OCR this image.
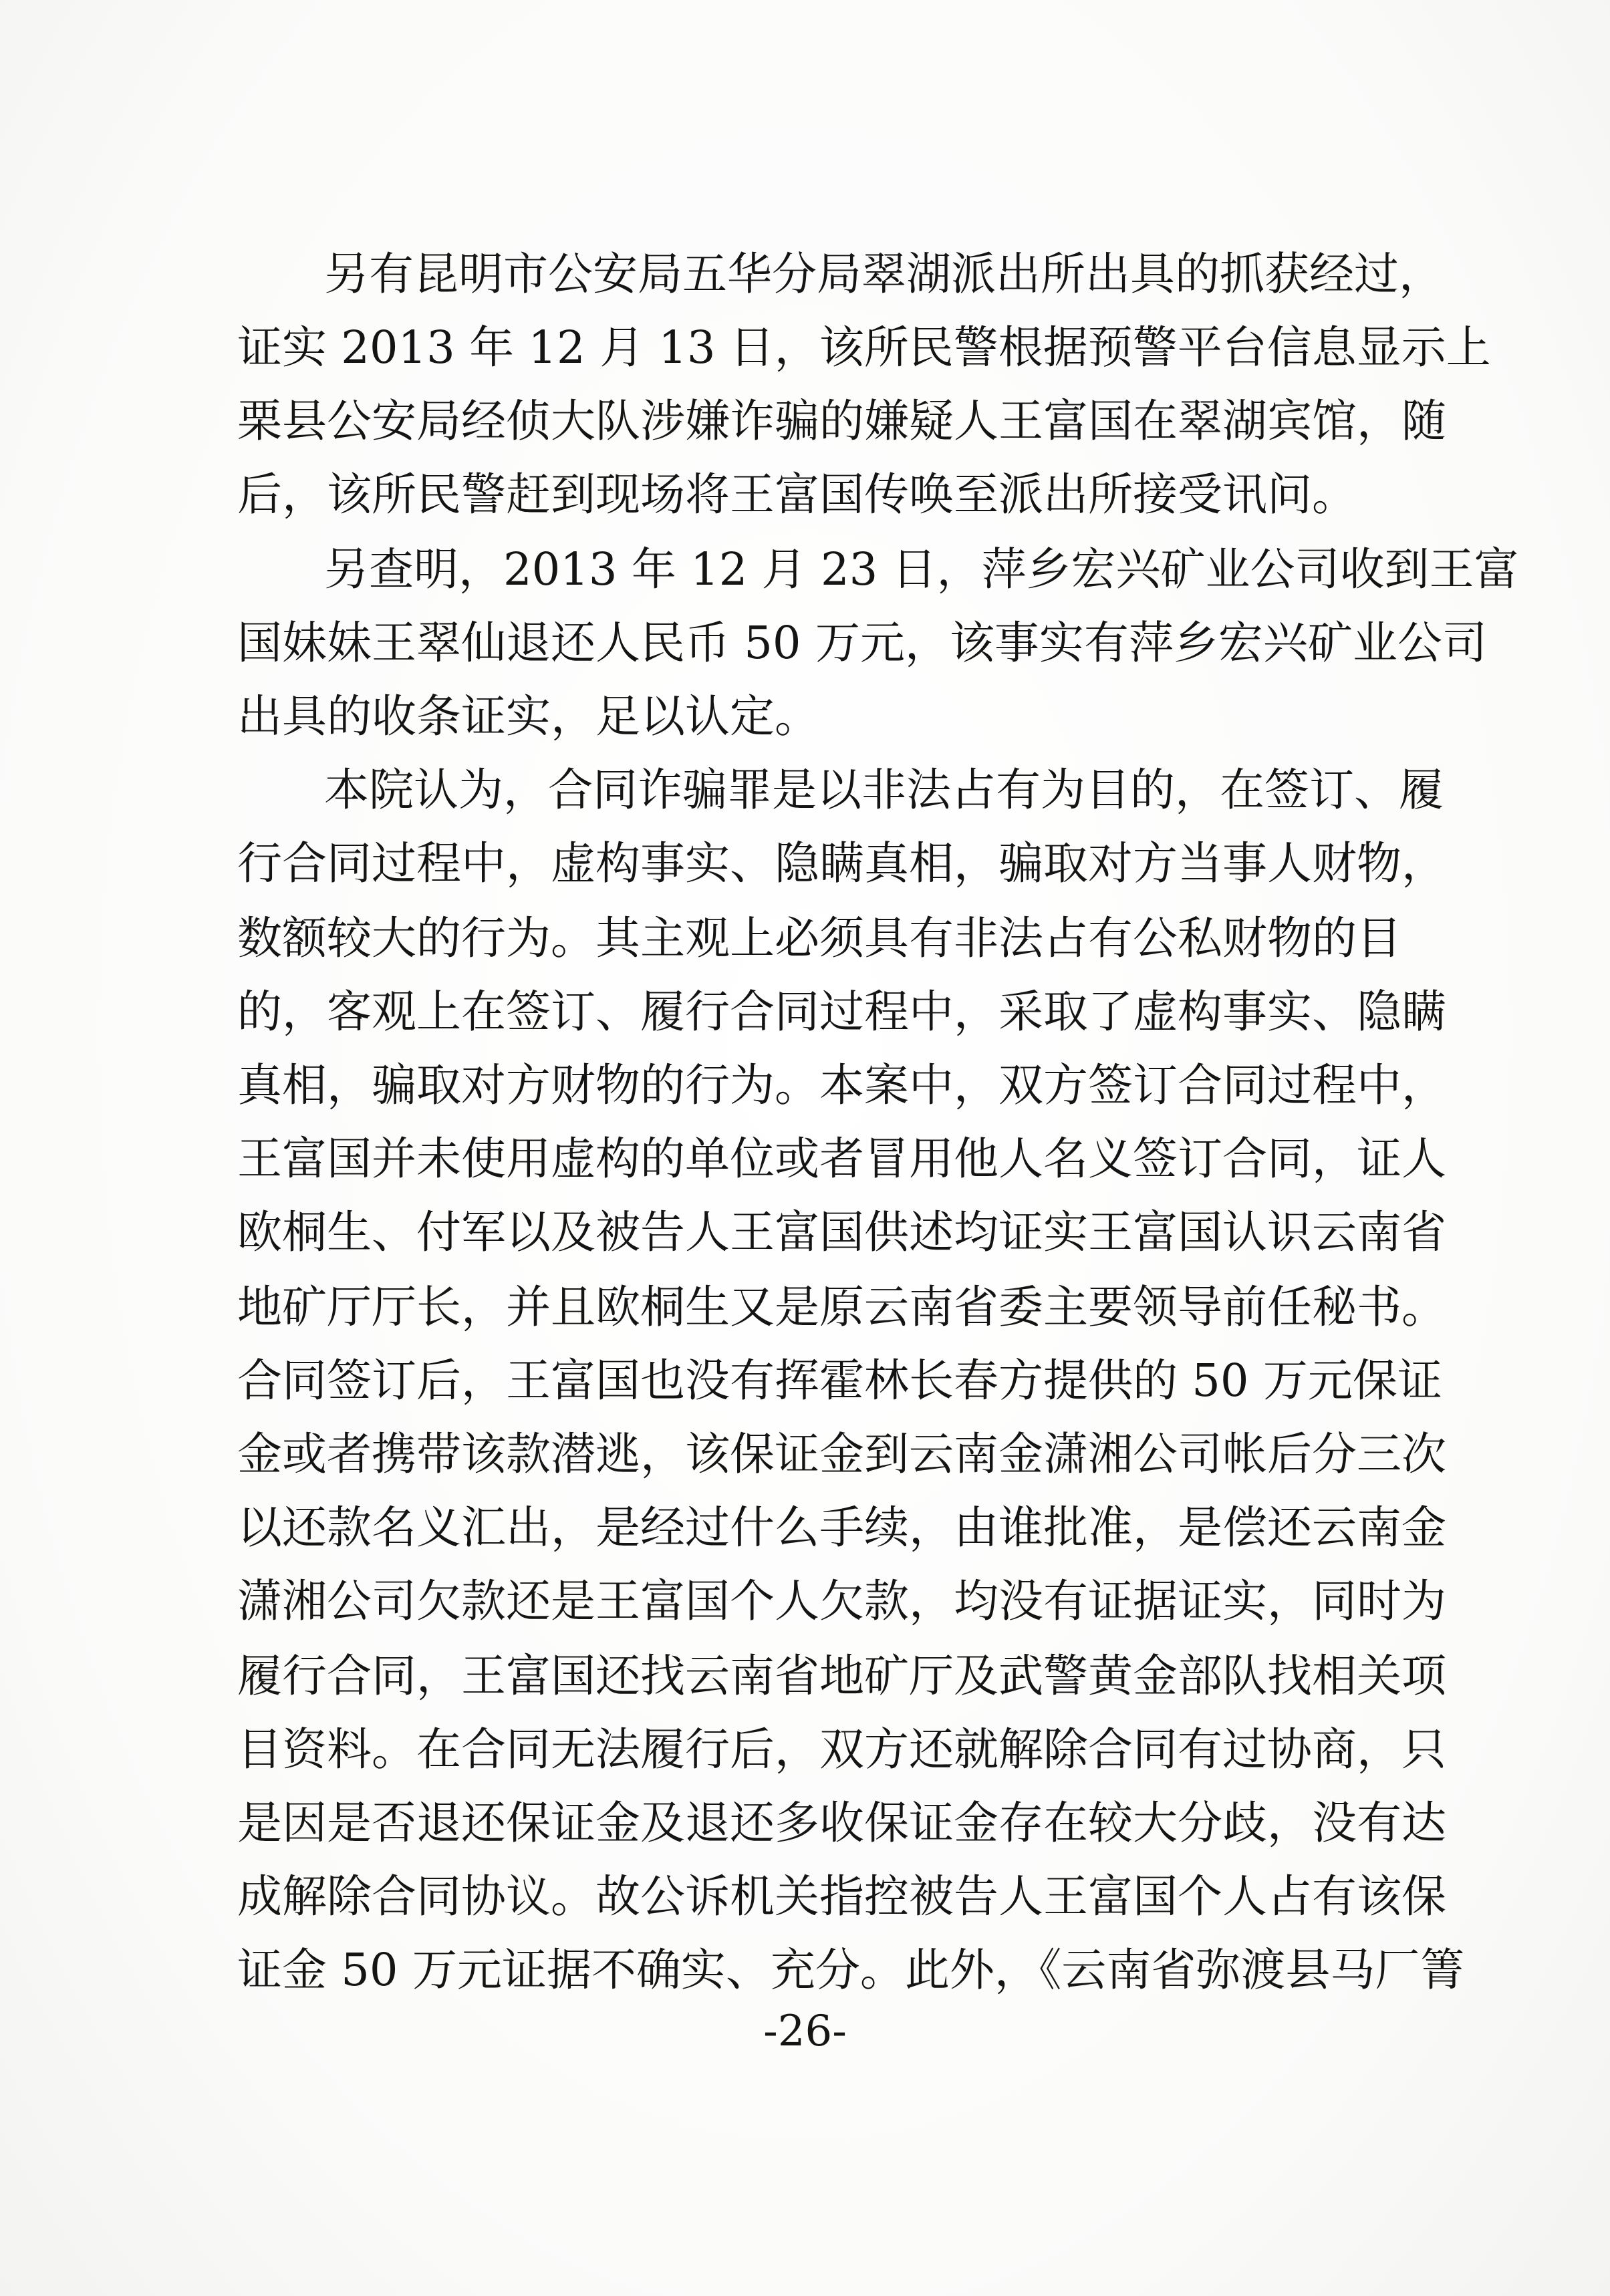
另有昆明市公安局五华分局翠湖派出所出具的抓获经过，
证实 2013 年 12 月 13 日，该所民警根据预警平台信息显示上
栗县公安局经侦大队涉嫌诈骗的嫌疑人王富国在翠湖宾馆，随
后，该所民警赶到现场将王富国传唤至派出所接受讯问。
另查明，2013 年 12 月 23 日，萍乡宏兴矿业公司收到王富
国妹妹王翠仙退还人民币 50 万元，该事实有萍乡宏兴矿业公司
出具的收条证实，足以认定。
本院认为，合同诈骗罪是以非法占有为目的，在签订、履
行合同过程中，虚构事实、隐瞒真相，骗取对方当事人财物，
数额较大的行为。其主观上必须具有非法占有公私财物的目
的，客观上在签订、履行合同过程中，采取了虚构事实、隐瞒
真相，骗取对方财物的行为。本案中，双方签订合同过程中，
王富国并未使用虚构的单位或者冒用他人名义签订合同，证人
欧桐生、付军以及被告人王富国供述均证实王富国认识云南省
地矿厅厅长，并且欧桐生又是原云南省委主要领导前任秘书。
合同签订后，王富国也没有挥霍林长春方提供的 50 万元保证
金或者携带该款潜逃，该保证金到云南金潇湘公司帐后分三次
以还款名义汇出，是经过什么手续，由谁批准，是偿还云南金
潇湘公司欠款还是王富国个人欠款，均没有证据证实，同时为
履行合同，王富国还找云南省地矿厅及武警黄金部队找相关项
目资料。在合同无法履行后，双方还就解除合同有过协商，只
是因是否退还保证金及退还多收保证金存在较大分歧，没有达
成解除合同协议。故公诉机关指控被告人王富国个人占有该保
证金 50 万元证据不确实、充分。此外，《云南省弥渡县马厂箐
-26-
